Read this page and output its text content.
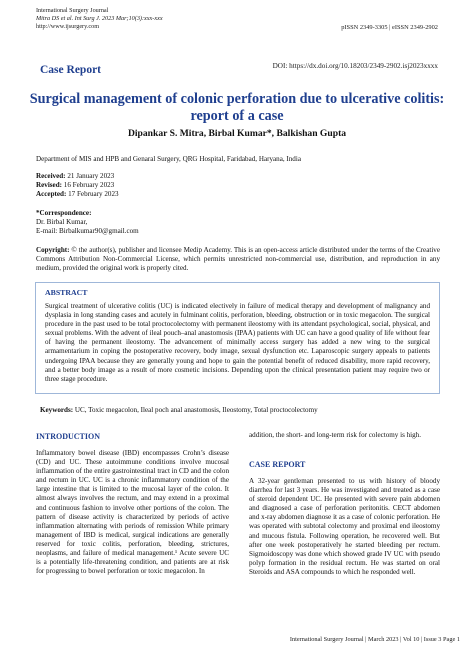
International Surgery Journal
Mitra DS et al. Int Surg J. 2023 Mar;10(3):xxx-xxx
http://www.ijsurgery.com	pISSN 2349-3305 | eISSN 2349-2902
Case Report	DOI: https://dx.doi.org/10.18203/2349-2902.isj2023xxxx
Surgical management of colonic perforation due to ulcerative colitis:
report of a case
Dipankar S. Mitra, Birbal Kumar*, Balkishan Gupta
Department of MIS and HPB and Genaral Surgery, QRG Hospital, Faridabad, Haryana, India
Received: 21 January 2023
Revised: 16 February 2023
Accepted: 17 February 2023
*Correspondence:
Dr. Birbal Kumar,
E-mail: Birbalkumar90@gmail.com
Copyright: © the author(s), publisher and licensee Medip Academy. This is an open-access article distributed under the terms of the Creative Commons Attribution Non-Commercial License, which permits unrestricted non-commercial use, distribution, and reproduction in any medium, provided the original work is properly cited.
ABSTRACT
Surgical treatment of ulcerative colitis (UC) is indicated electively in failure of medical therapy and development of malignancy and dysplasia in long standing cases and acutely in fulminant colitis, perforation, bleeding, obstruction or in toxic megacolon. The surgical procedure in the past used to be total proctocolectomy with permanent ileostomy with its attendant psychological, social, physical, and sexual problems. With the advent of ileal pouch–anal anastomosis (IPAA) patients with UC can have a good quality of life without fear of having the permanent ileostomy. The advancement of minimally access surgery has added a new wing to the surgical armamentarium in coping the postoperative recovery, body image, sexual dysfunction etc. Laparoscopic surgery appeals to patients undergoing IPAA because they are generally young and hope to gain the potential benefit of reduced disability, more rapid recovery, and a better body image as a result of more cosmetic incisions. Depending upon the clinical presentation patient may require two or three stage procedure.
Keywords: UC, Toxic megacolon, Ileal poch anal anastomosis, Ileostomy, Total proctocolectomy
INTRODUCTION
Inflammatory bowel disease (IBD) encompasses Crohn’s disease (CD) and UC. These autoimmune conditions involve mucosal inflammation of the entire gastrointestinal tract in CD and the colon and rectum in UC. UC is a chronic inflammatory condition of the large intestine that is limited to the mucosal layer of the colon. It almost always involves the rectum, and may extend in a proximal and continuous fashion to involve other portions of the colon. The pattern of disease activity is characterized by periods of active inflammation alternating with periods of remission While primary management of IBD is medical, surgical indications are generally reserved for toxic colitis, perforation, bleeding, strictures, neoplasms, and failure of medical management.¹ Acute severe UC is a potentially life-threatening condition, and patients are at risk for progressing to bowel perforation or toxic megacolon. In
addition, the short- and long-term risk for colectomy is high.
CASE REPORT
A 32-year gentleman presented to us with history of bloody diarrhea for last 3 years. He was investigated and treated as a case of steroid dependent UC. He presented with severe pain abdomen and diagnosed a case of perforation peritonitis. CECT abdomen and x-ray abdomen diagnose it as a case of colonic perforation. He was operated with subtotal colectomy and proximal end ileostomy and mucous fistula. Following operation, he recovered well. But after one week postoperatively he started bleeding per rectum. Sigmoidoscopy was done which showed grade IV UC with pseudo polyp formation in the residual rectum. He was started on oral Steroids and ASA compounds to which he responded well.
International Surgery Journal | March 2023 | Vol 10 | Issue 3 Page 1
